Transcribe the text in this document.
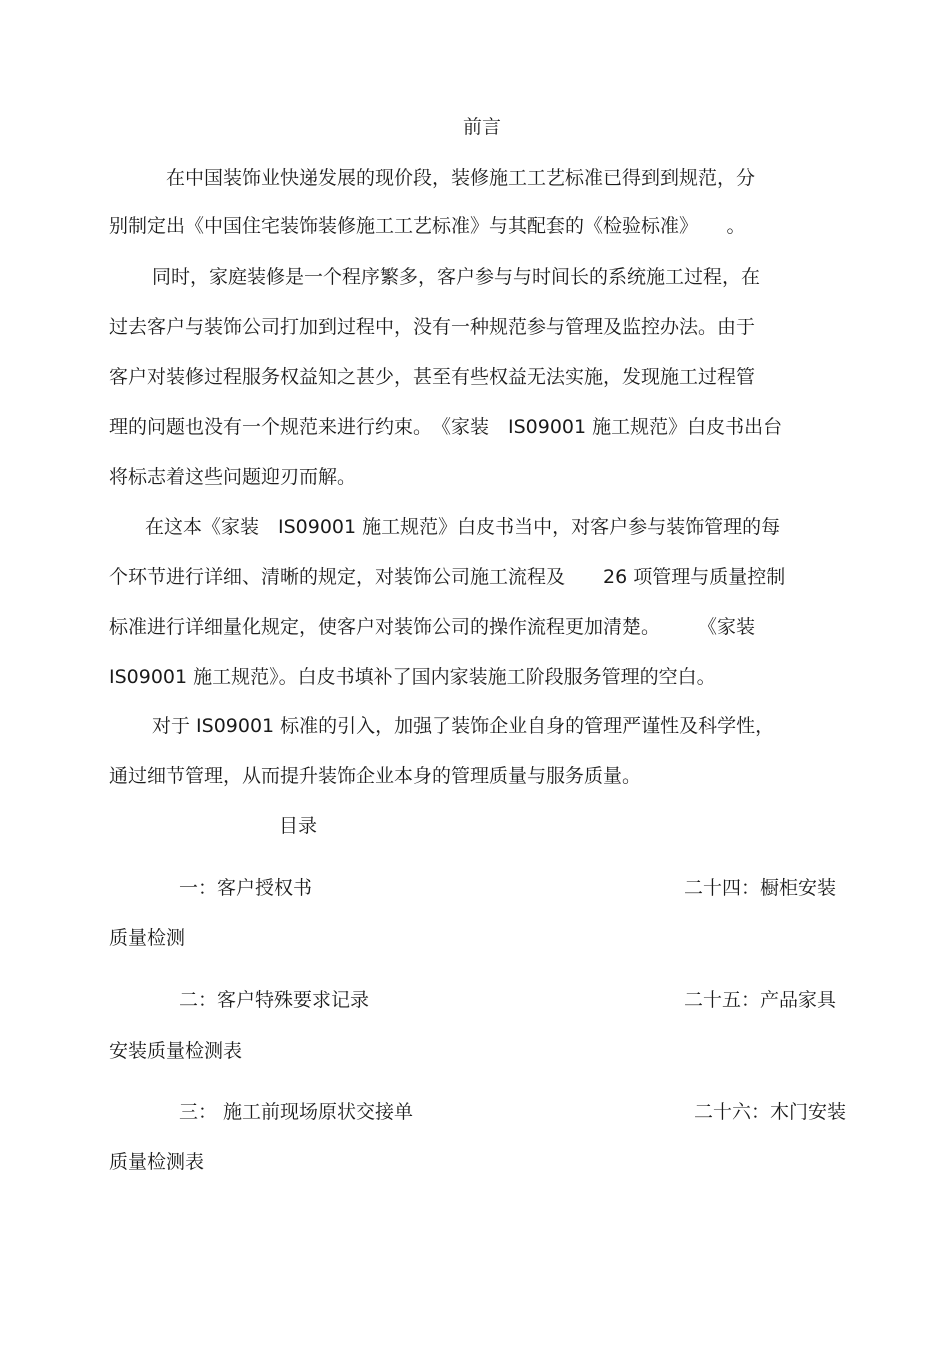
前言
在中国装饰业快递发展的现价段，装修施工工艺标准已得到到规范，分
别制定出《中国住宅装饰装修施工工艺标准》与其配套的《检验标准》　　。
同时，家庭装修是一个程序繁多，客户参与与时间长的系统施工过程，在
过去客户与装饰公司打加到过程中，没有一种规范参与管理及监控办法。由于
客户对装修过程服务权益知之甚少，甚至有些权益无法实施，发现施工过程管
理的问题也没有一个规范来进行约束。　《家装　IS09001 施工规范》白皮书出台
将标志着这些问题迎刃而解。
在这本《家装　IS09001 施工规范》白皮书当中，对客户参与装饰管理的每
个环节进行详细、清晰的规定，对装饰公司施工流程及　　26 项管理与质量控制
标准进行详细量化规定，使客户对装饰公司的操作流程更加清楚。　　　《家装
IS09001 施工规范》。白皮书填补了国内家装施工阶段服务管理的空白。
对于 IS09001 标准的引入，加强了装饰企业自身的管理严谨性及科学性，
通过细节管理，从而提升装饰企业本身的管理质量与服务质量。
目录
一：客户授权书	二十四：橱柜安装
质量检测
二：客户特殊要求记录	二十五：产品家具
安装质量检测表
三： 施工前现场原状交接单	二十六：木门安装
质量检测表
